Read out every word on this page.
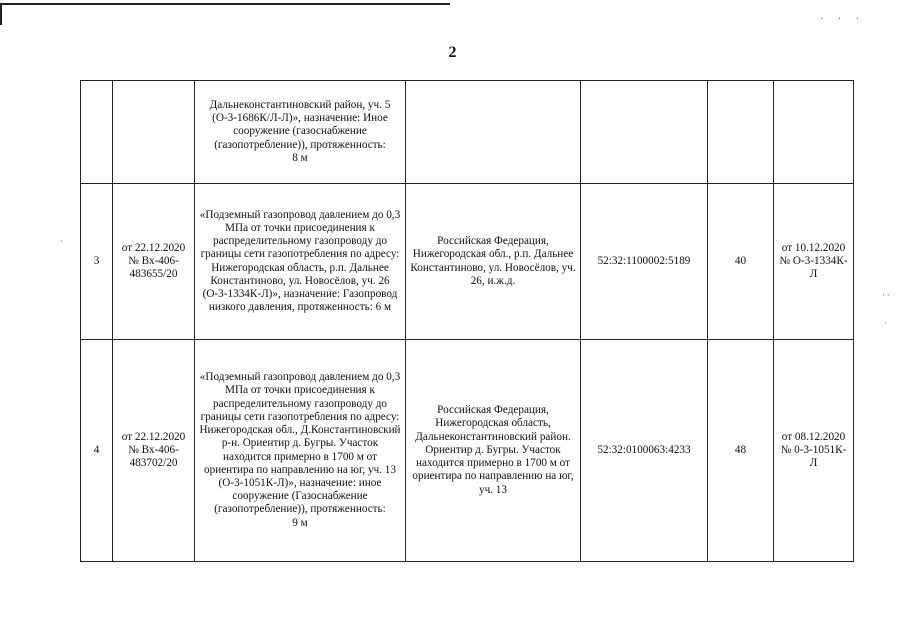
· · ·
·
· ·
·
2
		Дальнеконстантиновский район, уч. 5 (О-3-1686К/Л-Л)», назначение: Иное сооружение (газоснабжение (газопотребление)), протяженность:
8 м				

3	от 22.12.2020 № Вх-406-483655/20	«Подземный газопровод давлением до 0,3 МПа от точки присоединения к распределительному газопроводу до границы сети газопотребления по адресу: Нижегородская область, р.п. Дальнее Константиново, ул. Новосёлов, уч. 26 (О-3-1334К-Л)», назначение: Газопровод низкого давления, протяженность: 6 м	Российская Федерация, Нижегородская обл., р.п. Дальнее Константиново, ул. Новосёлов, уч. 26, и.ж.д.	52:32:1100002:5189	40	от 10.12.2020 № О-3-1334К-Л
4	от 22.12.2020 № Вх-406-483702/20	«Подземный газопровод давлением до 0,3 МПа от точки присоединения к распределительному газопроводу до границы сети газопотребления по адресу: Нижегородская обл., Д.Константиновский р-н. Ориентир д. Бугры. Участок находится примерно в 1700 м от ориентира по направлению на юг, уч. 13 (О-3-1051К-Л)», назначение: иное сооружение (Газоснабжение (газопотребление)), протяженность:
9 м	Российская Федерация, Нижегородская область, Дальнеконстантиновский район. Ориентир д. Бугры. Участок находится примерно в 1700 м от ориентира по направлению на юг, уч. 13	52:32:0100063:4233	48	от 08.12.2020 № 0-3-1051К-Л
